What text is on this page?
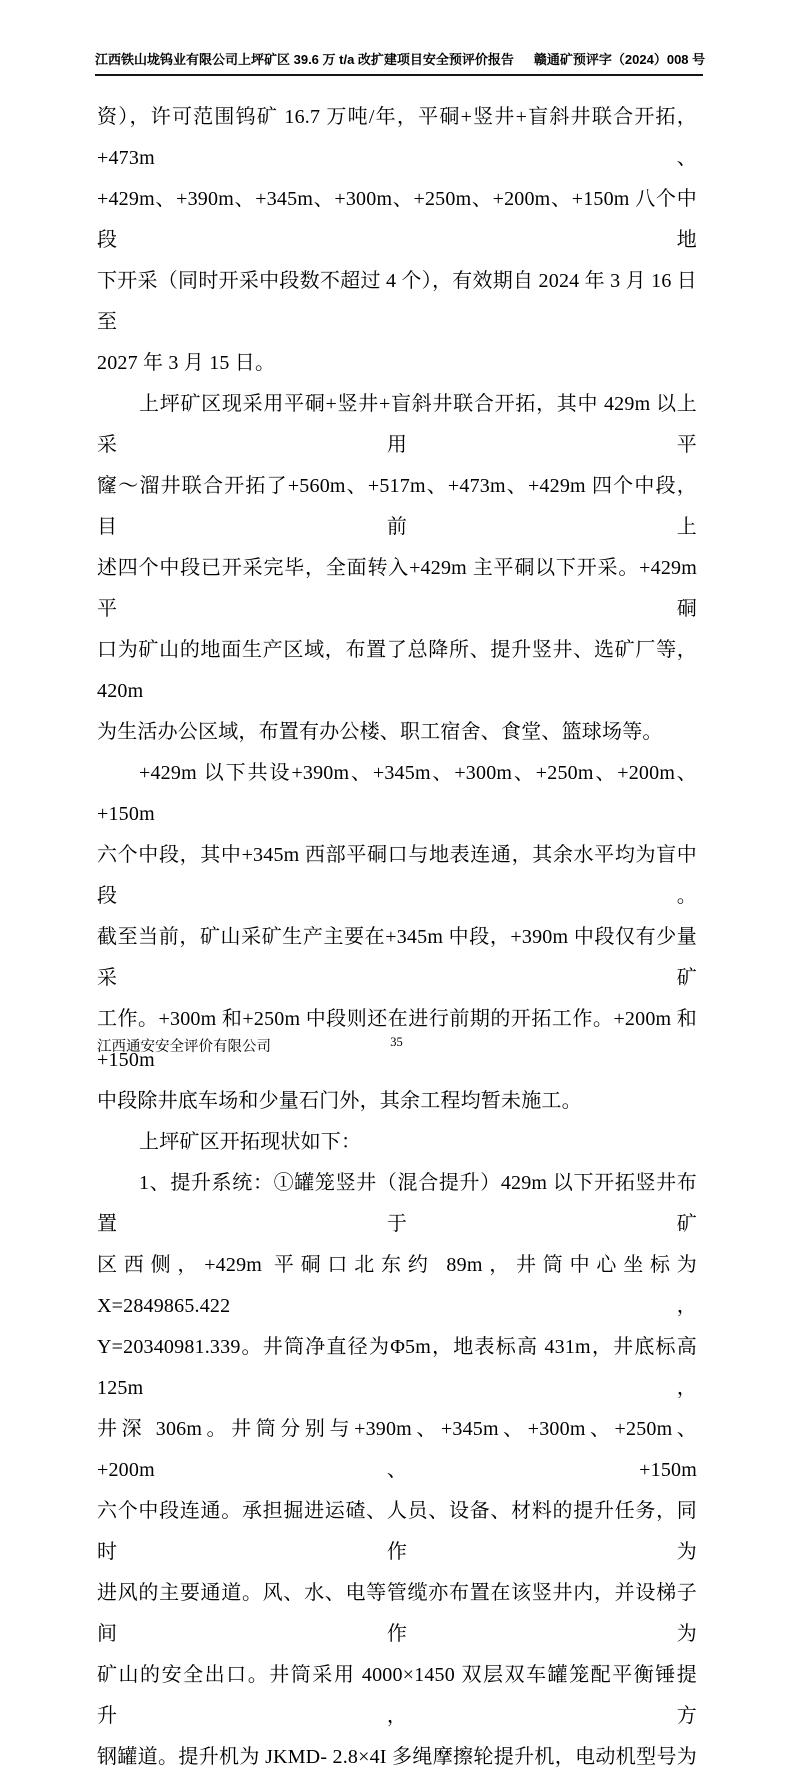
江西铁山垅钨业有限公司上坪矿区 39.6 万 t/a 改扩建项目安全预评价报告 赣通矿预评字（2024）008 号
资），许可范围钨矿 16.7 万吨/年，平硐+竖井+盲斜井联合开拓，+473m、
+429m、+390m、+345m、+300m、+250m、+200m、+150m 八个中段地
下开采（同时开采中段数不超过 4 个），有效期自 2024 年 3 月 16 日至
2027 年 3 月 15 日。
上坪矿区现采用平硐+竖井+盲斜井联合开拓，其中 429m 以上采用平
窿～溜井联合开拓了+560m、+517m、+473m、+429m 四个中段，目前上
述四个中段已开采完毕，全面转入+429m 主平硐以下开采。+429m 平硐
口为矿山的地面生产区域，布置了总降所、提升竖井、选矿厂等，420m
为生活办公区域，布置有办公楼、职工宿舍、食堂、篮球场等。
+429m 以下共设+390m、+345m、+300m、+250m、+200m、+150m
六个中段，其中+345m 西部平硐口与地表连通，其余水平均为盲中段。
截至当前，矿山采矿生产主要在+345m 中段，+390m 中段仅有少量采矿
工作。+300m 和+250m 中段则还在进行前期的开拓工作。+200m 和+150m
中段除井底车场和少量石门外，其余工程均暂未施工。
上坪矿区开拓现状如下：
1、提升系统：①罐笼竖井（混合提升）429m 以下开拓竖井布置于矿
区西侧，+429m 平硐口北东约 89m，井筒中心坐标为 X=2849865.422，
Y=20340981.339。井筒净直径为Φ5m，地表标高 431m，井底标高 125m，
井深 306m。井筒分别与+390m、+345m、+300m、+250m、+200m、+150m
六个中段连通。承担掘进运碴、人员、设备、材料的提升任务，同时作为
进风的主要通道。风、水、电等管缆亦布置在该竖井内，并设梯子间作为
矿山的安全出口。井筒采用 4000×1450 双层双车罐笼配平衡锤提升，方
钢罐道。提升机为 JKMD- 2.8×4I 多绳摩擦轮提升机，电动机型号为
江西通安安全评价有限公司	35
